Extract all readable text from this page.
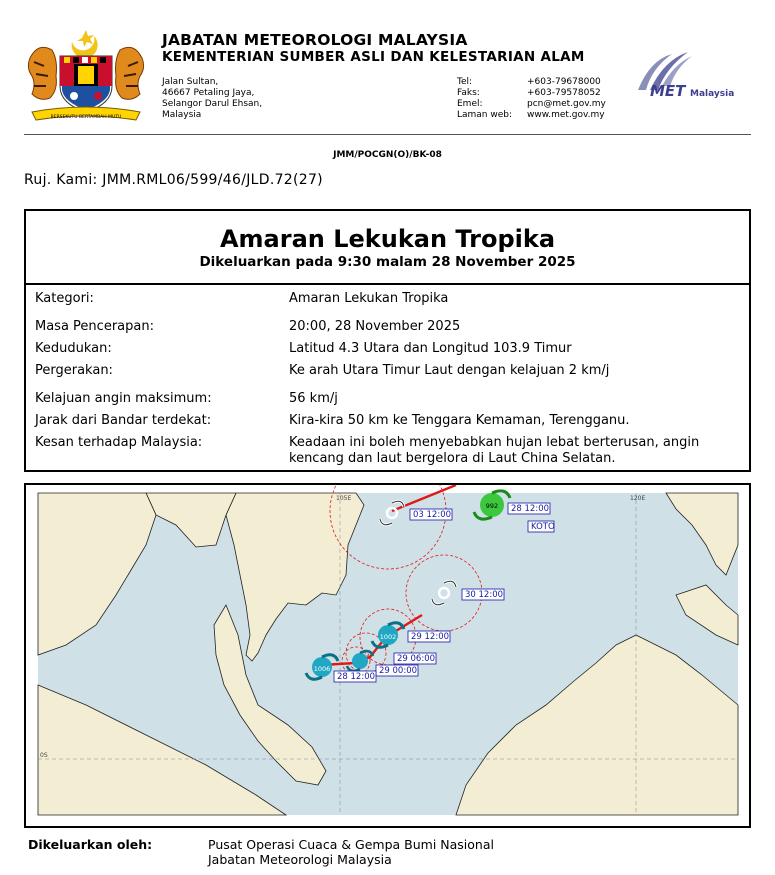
BERSEKUTU BERTAMBAH MUTU
JABATAN METEOROLOGI MALAYSIA
KEMENTERIAN SUMBER ASLI DAN KELESTARIAN ALAM
Jalan Sultan,
46667 Petaling Jaya,
Selangor Darul Ehsan,
Malaysia
Tel:	+603-79678000
Faks:	+603-79578052
Emel:	pcn@met.gov.my
Laman web:	www.met.gov.my
MET Malaysia
JMM/POCGN(O)/BK-08
Ruj. Kami: JMM.RML06/599/46/JLD.72(27)
Amaran Lekukan Tropika
Dikeluarkan pada 9:30 malam 28 November 2025
Kategori:	Amaran Lekukan Tropika
Masa Pencerapan:	20:00, 28 November 2025
Kedudukan:	Latitud 4.3 Utara dan Longitud 103.9 Timur
Pergerakan:	Ke arah Utara Timur Laut dengan kelajuan 2 km/j
Kelajuan angin maksimum:	56 km/j
Jarak dari Bandar terdekat:	Kira-kira 50 km ke Tenggara Kemaman, Terengganu.
Kesan terhadap Malaysia:	Keadaan ini boleh menyebabkan hujan lebat berterusan, angin
kencang dan laut bergelora di Laut China Selatan.
105E	120E
0S
1006
1002
992
03 12:00
30 12:00
29 12:00
29 06:00
29 00:00
28 12:00
28 12:00
KOTO
Dikeluarkan oleh:	Pusat Operasi Cuaca & Gempa Bumi Nasional
Jabatan Meteorologi Malaysia
